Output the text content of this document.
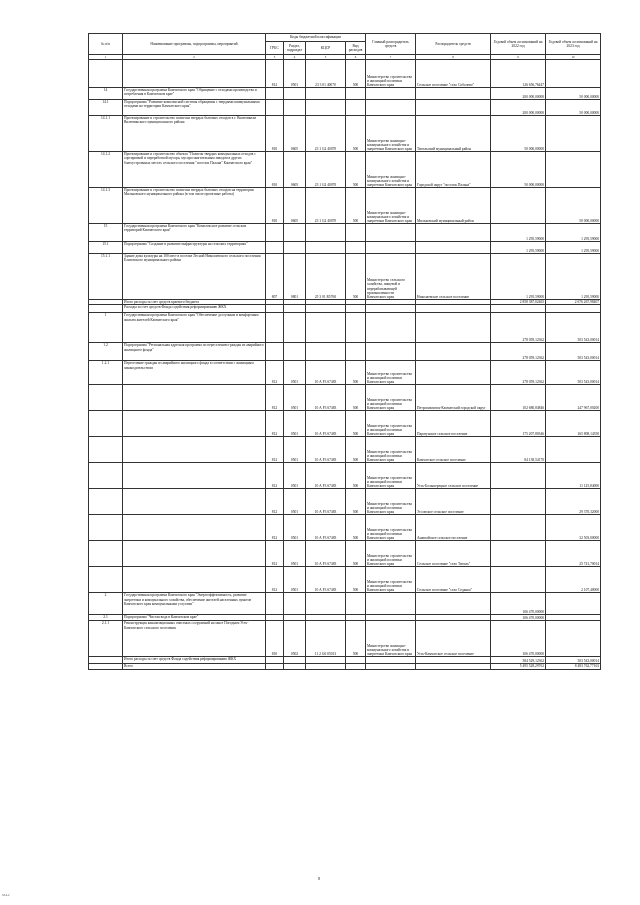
№ п/п	Наименование программы, подпрограммы, мероприятий	Коды бюджетной классификации				Главный распорядитель средств	Распорядитель средств	Годовой объем ассигнований на 2022 год	Годовой объем ассигнований на 2023 год	
		ГРБС	Раздел, подраздел	КЦСР	Вид расходов					
1	2	3	4	5	6	7	8	9	10	
		812	0501	23 3 01 40070	500	Министерство строительства и жилищной политики Камчатского края	Сельское поселение "село Соболево"	126 656,76447		
14	Государственная программа Камчатского края "Обращение с отходами производства и потребления в Камчатском крае"							200 000,00000	50 000,00000	
14.1	Подпрограмма "Развитие комплексной системы обращения с твердыми коммунальными отходами на территории Камчатского края"							200 000,00000	50 000,00000	
14.1.1	Проектирование и строительство полигона твердых бытовых отходов в г. Вилючинске Вилючинского муниципального района	810	0605	23 1 G2 40070	500	Министерство жилищно-коммунального хозяйства и энергетики Камчатского края	Тигильский муниципальный район	50 000,00000		
14.1.2	Проектирование и строительство объекта "Полигон твердых коммунальных отходов с сортировкой и переработкой мусора, мусоросжигательным заводом в других благоустроенных местах сельского поселения "поселок Палана" Камчатского края"	810	0605	23 1 G2 40070	500	Министерство жилищно-коммунального хозяйства и энергетики Камчатского края	Городской округ "поселок Палана"	50 000,00000		
14.1.3	Проектирование и строительство полигона твердых бытовых отходов на территории Мильковского муниципального района (в том числе проектные работы)	810	0605	23 1 G2 40070	500	Министерство жилищно-коммунального хозяйства и энергетики Камчатского края	Мильковский муниципальный район		50 000,00000	
15	Государственная программа Камчатского края "Комплексное развитие сельских территорий Камчатского края"							1 295,59000	1 295,59000	
15.1	Подпрограмма "Создание и развитие инфраструктуры на сельских территориях"							1 295,59000	1 295,59000	
15.1.1	Здание дома культуры на 100 мест в поселке Лесной Николаевского сельского поселения Елизовского муниципального района	807	0801	25 3 01 R5760	500	Министерство сельского хозяйства, пищевой и перерабатывающей промышленности Камчатского края	Николаевское сельское поселение	1 295,59000	1 295,59000	
	Итого расходы за счет средств краевого бюджета							2 858 387,02465	2 676 267,98407	
	Расходы за счет средств Фонда содействия реформированию ЖКХ									
1	Государственная программа Камчатского края "Обеспечение доступным и комфортным жильем жителей Камчатского края"							278 059,12362	503 543,00014	
1.2	Подпрограмма "Региональная адресная программа по переселению граждан из аварийного жилищного фонда"							278 059,12362	503 543,00014	
1.2.1	Переселение граждан из аварийного жилищного фонда в соответствии с жилищным законодательством	812	0501	10 А F3 67483	500	Министерство строительства и жилищной политики Камчатского края		278 059,12362	503 543,00014	
		812	0501	10 А F3 67483	500	Министерство строительства и жилищной политики Камчатского края	Петропавловск-Камчатский городской округ	102 680,84846	247 967,00200	
		812	0501	10 А F3 67483	500	Министерство строительства и жилищной политики Камчатского края	Паратунское сельское поселение	175 207,80346	165 808,14350	
		812	0501	10 А F3 67483	500	Министерство строительства и жилищной политики Камчатского края	Камчатское сельское поселение	84 138,54170		
		812	0501	10 А F3 67483	500	Министерство строительства и жилищной политики Камчатского края	Усть-Большерецкое сельское поселение		11 125,84000	
		812	0501	10 А F3 67483	500	Министерство строительства и жилищной политики Камчатского края	Эссовское сельское поселение		29 370,32000	
		812	0501	10 А F3 67483	500	Министерство строительства и жилищной политики Камчатского края	Анавгайское сельское поселение		32 503,00000	
		812	0501	10 А F3 67483	500	Министерство строительства и жилищной политики Камчатского края	Сельское поселение "село Тигиль"		25 741,70014	
		812	0501	10 А F3 67483	500	Министерство строительства и жилищной политики Камчатского края	Сельское поселение "село Седанка"		2 107,40000	
2	Государственная программа Камчатского края "Энергоэффективность, развитие энергетики и коммунального хозяйства, обеспечение жителей населенных пунктов Камчатского края коммунальными услугами"							106 470,00000		
2.1	Подпрограмма "Чистая вода в Камчатском крае"							106 470,00000		
2.1.1	Реконструкция канализационных очистных сооружений на мысе Погодном Усть-Камчатского сельского поселения	810	0502	11 2 G6 05013	500	Министерство жилищно-коммунального хозяйства и энергетики Камчатского края	Усть-Камчатское сельское поселение	106 470,00000		
	Итого расходы за счет средств Фонда содействия реформированию ЖКХ							384 529,12362	503 543,00014	
	Всего							5 495 528,29762	8 483 762,77163	
8
SL4-2
